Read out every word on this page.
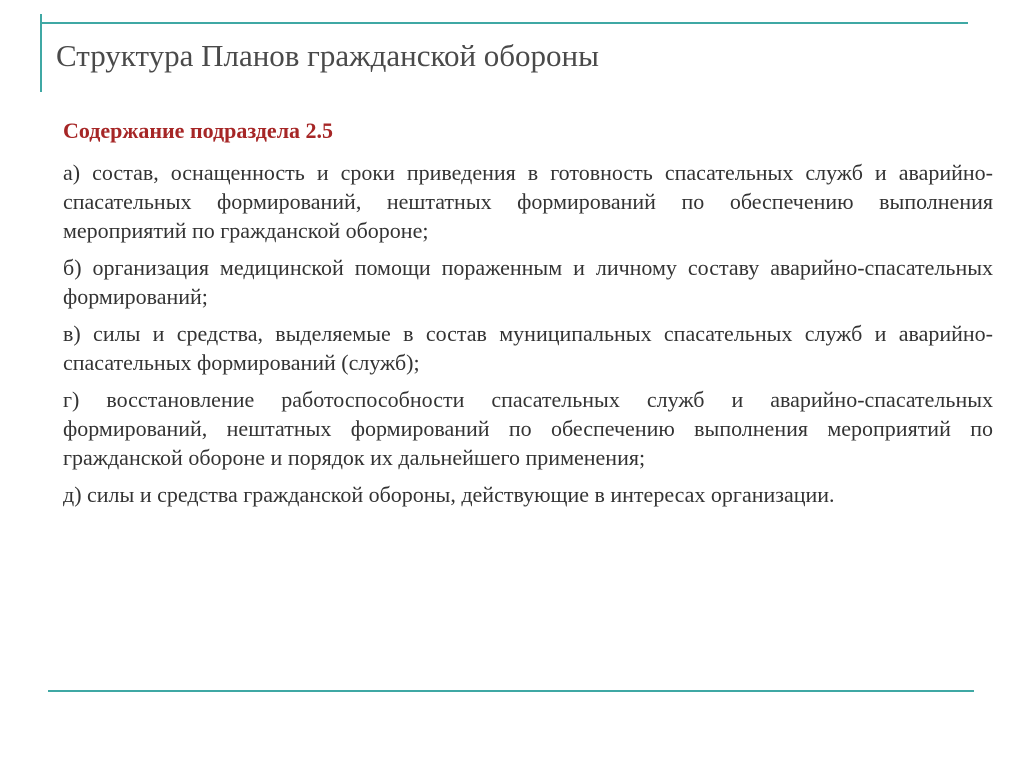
Структура Планов гражданской обороны

Содержание подраздела 2.5

а) состав, оснащенность и сроки приведения в готовность спасательных служб и аварийно-спасательных формирований, нештатных формирований по обеспечению выполнения мероприятий по гражданской обороне;

б) организация медицинской помощи пораженным и личному составу аварийно-спасательных формирований;

в) силы и средства, выделяемые в состав муниципальных спасательных служб и аварийно-спасательных формирований (служб);

г) восстановление работоспособности спасательных служб и аварийно-спасательных формирований, нештатных формирований по обеспечению выполнения мероприятий по гражданской обороне и порядок их дальнейшего применения;

д) силы и средства гражданской обороны, действующие в интересах организации.
